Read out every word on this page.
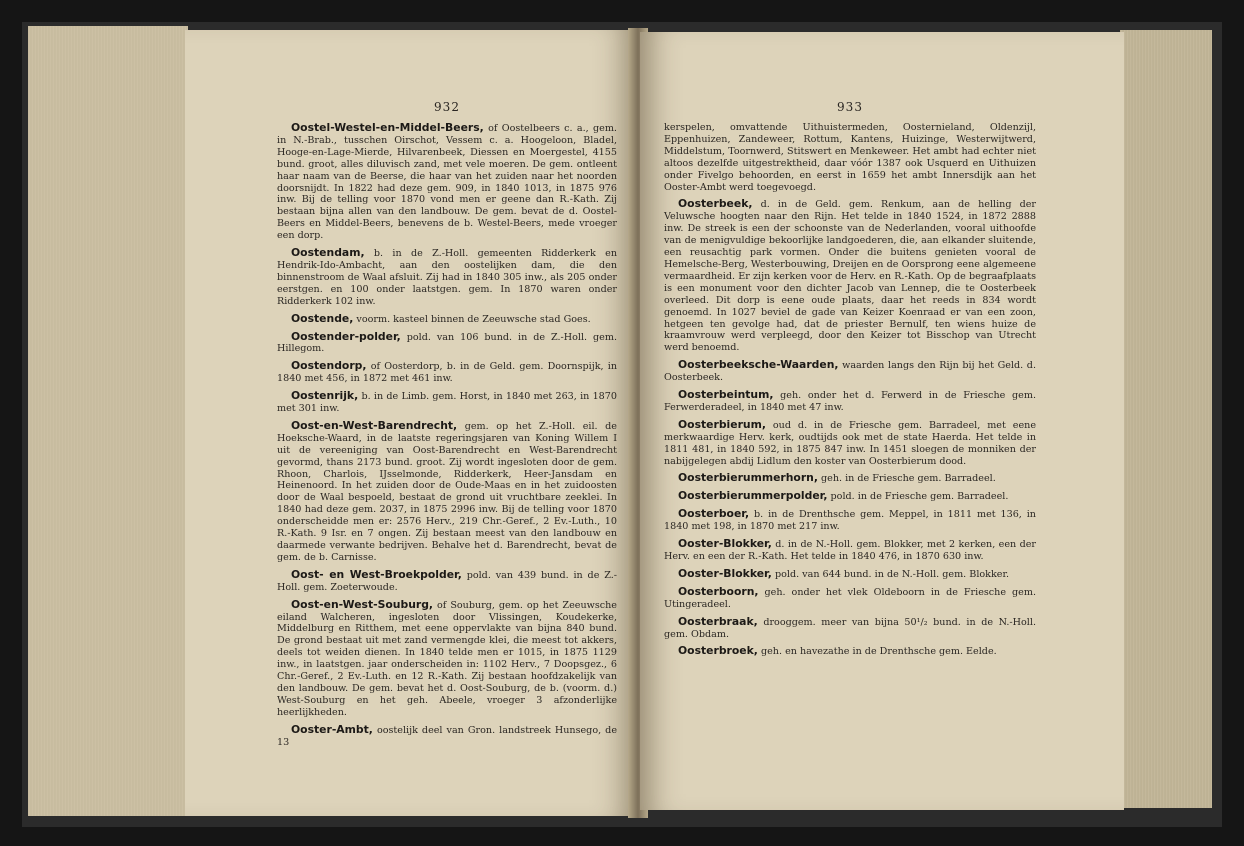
932

Oostel-Westel-en-Middel-Beers, of Oostelbeers c. a., gem. in N.-Brab., tusschen Oirschot, Vessem c. a. Hoogeloon, Bladel, Hooge-en-Lage-Mierde, Hilvarenbeek, Diessen en Moergestel, 4155 bund. groot, alles diluvisch zand, met vele moeren. De gem. ontleent haar naam van de Beerse, die haar van het zuiden naar het noorden doorsnijdt. In 1822 had deze gem. 909, in 1840 1013, in 1875 976 inw. Bij de telling voor 1870 vond men er geene dan R.-Kath. Zij bestaan bijna allen van den landbouw. De gem. bevat de d. Oostel-Beers en Middel-Beers, benevens de b. Westel-Beers, mede vroeger een dorp.

Oostendam, b. in de Z.-Holl. gemeenten Ridderkerk en Hendrik-Ido-Ambacht, aan den oostelijken dam, die den binnenstroom de Waal afsluit. Zij had in 1840 305 inw., als 205 onder eerstgen. en 100 onder laatstgen. gem. In 1870 waren onder Ridderkerk 102 inw.

Oostende, voorm. kasteel binnen de Zeeuwsche stad Goes.

Oostender-polder, pold. van 106 bund. in de Z.-Holl. gem. Hillegom.

Oostendorp, of Oosterdorp, b. in de Geld. gem. Doornspijk, in 1840 met 456, in 1872 met 461 inw.

Oostenrijk, b. in de Limb. gem. Horst, in 1840 met 263, in 1870 met 301 inw.

Oost-en-West-Barendrecht, gem. op het Z.-Holl. eil. de Hoeksche-Waard, in de laatste regeringsjaren van Koning Willem I uit de vereeniging van Oost-Barendrecht en West-Barendrecht gevormd, thans 2173 bund. groot. Zij wordt ingesloten door de gem. Rhoon, Charlois, IJsselmonde, Ridderkerk, Heer-Jansdam en Heinenoord. In het zuiden door de Oude-Maas en in het zuidoosten door de Waal bespoeld, bestaat de grond uit vruchtbare zeeklei. In 1840 had deze gem. 2037, in 1875 2996 inw. Bij de telling voor 1870 onderscheidde men er: 2576 Herv., 219 Chr.-Geref., 2 Ev.-Luth., 10 R.-Kath. 9 Isr. en 7 ongen. Zij bestaan meest van den landbouw en daarmede verwante bedrijven. Behalve het d. Barendrecht, bevat de gem. de b. Carnisse.

Oost- en West-Broekpolder, pold. van 439 bund. in de Z.-Holl. gem. Zoeterwoude.

Oost-en-West-Souburg, of Souburg, gem. op het Zeeuwsche eiland Walcheren, ingesloten door Vlissingen, Koudekerke, Middelburg en Ritthem, met eene oppervlakte van bijna 840 bund. De grond bestaat uit met zand vermengde klei, die meest tot akkers, deels tot weiden dienen. In 1840 telde men er 1015, in 1875 1129 inw., in laatstgen. jaar onderscheiden in: 1102 Herv., 7 Doopsgez., 6 Chr.-Geref., 2 Ev.-Luth. en 12 R.-Kath. Zij bestaan hoofdzakelijk van den landbouw. De gem. bevat het d. Oost-Souburg, de b. (voorm. d.) West-Souburg en het geh. Abeele, vroeger 3 afzonderlijke heerlijkheden.

Ooster-Ambt, oostelijk deel van Gron. landstreek Hunsego, de 13

933

kerspelen, omvattende Uithuistermeden, Oosternieland, Oldenzijl, Eppenhuizen, Zandeweer, Rottum, Kantens, Huizinge, Westerwijtwerd, Middelstum, Toornwerd, Stitswert en Menkeweer. Het ambt had echter niet altoos dezelfde uitgestrektheid, daar vóór 1387 ook Usquerd en Uithuizen onder Fivelgo behoorden, en eerst in 1659 het ambt Innersdijk aan het Ooster-Ambt werd toegevoegd.

Oosterbeek, d. in de Geld. gem. Renkum, aan de helling der Veluwsche hoogten naar den Rijn. Het telde in 1840 1524, in 1872 2888 inw. De streek is een der schoonste van de Nederlanden, vooral uithoofde van de menigvuldige bekoorlijke landgoederen, die, aan elkander sluitende, een reusachtig park vormen. Onder die buitens genieten vooral de Hemelsche-Berg, Westerbouwing, Dreijen en de Oorsprong eene algemeene vermaardheid. Er zijn kerken voor de Herv. en R.-Kath. Op de begraafplaats is een monument voor den dichter Jacob van Lennep, die te Oosterbeek overleed. Dit dorp is eene oude plaats, daar het reeds in 834 wordt genoemd. In 1027 beviel de gade van Keizer Koenraad er van een zoon, hetgeen ten gevolge had, dat de priester Bernulf, ten wiens huize de kraamvrouw werd verpleegd, door den Keizer tot Bisschop van Utrecht werd benoemd.

Oosterbeeksche-Waarden, waarden langs den Rijn bij het Geld. d. Oosterbeek.

Oosterbeintum, geh. onder het d. Ferwerd in de Friesche gem. Ferwerderadeel, in 1840 met 47 inw.

Oosterbierum, oud d. in de Friesche gem. Barradeel, met eene merkwaardige Herv. kerk, oudtijds ook met de state Haerda. Het telde in 1811 481, in 1840 592, in 1875 847 inw. In 1451 sloegen de monniken der nabijgelegen abdij Lidlum den koster van Oosterbierum dood.

Oosterbierummerhorn, geh. in de Friesche gem. Barradeel.

Oosterbierummerpolder, pold. in de Friesche gem. Barradeel.

Oosterboer, b. in de Drenthsche gem. Meppel, in 1811 met 136, in 1840 met 198, in 1870 met 217 inw.

Ooster-Blokker, d. in de N.-Holl. gem. Blokker, met 2 kerken, een der Herv. en een der R.-Kath. Het telde in 1840 476, in 1870 630 inw.

Ooster-Blokker, pold. van 644 bund. in de N.-Holl. gem. Blokker.

Oosterboorn, geh. onder het vlek Oldeboorn in de Friesche gem. Utingeradeel.

Oosterbraak, drooggem. meer van bijna 50¹/₂ bund. in de N.-Holl. gem. Obdam.

Oosterbroek, geh. en havezathe in de Drenthsche gem. Eelde.
